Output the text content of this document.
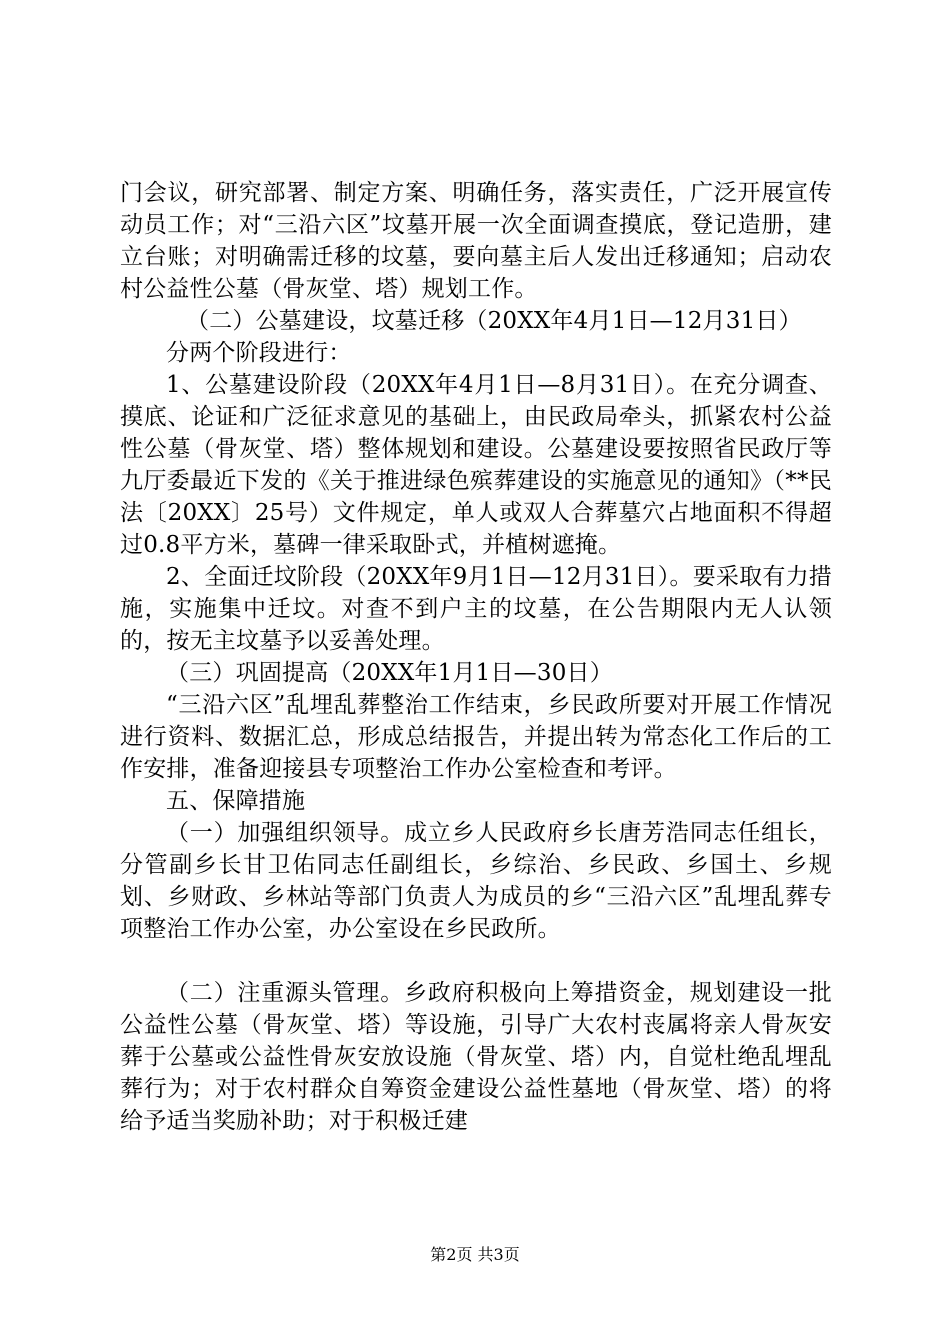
门会议，研究部署、制定方案、明确任务，落实责任，广泛开展宣传动员工作；对“三沿六区”坟墓开展一次全面调查摸底，登记造册，建立台账；对明确需迁移的坟墓，要向墓主后人发出迁移通知；启动农村公益性公墓（骨灰堂、塔）规划工作。

（二）公墓建设，坟墓迁移（20XX年4月1日—12月31日）

分两个阶段进行：

1、公墓建设阶段（20XX年4月1日—8月31日）。在充分调查、摸底、论证和广泛征求意见的基础上，由民政局牵头，抓紧农村公益性公墓（骨灰堂、塔）整体规划和建设。公墓建设要按照省民政厅等九厅委最近下发的《关于推进绿色殡葬建设的实施意见的通知》（**民法〔20XX〕25号）文件规定，单人或双人合葬墓穴占地面积不得超过0.8平方米，墓碑一律采取卧式，并植树遮掩。

2、全面迁坟阶段（20XX年9月1日—12月31日）。要采取有力措施，实施集中迁坟。对查不到户主的坟墓，在公告期限内无人认领的，按无主坟墓予以妥善处理。

（三）巩固提高（20XX年1月1日—30日）

“三沿六区”乱埋乱葬整治工作结束，乡民政所要对开展工作情况进行资料、数据汇总，形成总结报告，并提出转为常态化工作后的工作安排，准备迎接县专项整治工作办公室检查和考评。

五、保障措施

（一）加强组织领导。成立乡人民政府乡长唐芳浩同志任组长，分管副乡长甘卫佑同志任副组长，乡综治、乡民政、乡国土、乡规划、乡财政、乡林站等部门负责人为成员的乡“三沿六区”乱埋乱葬专项整治工作办公室，办公室设在乡民政所。

（二）注重源头管理。乡政府积极向上筹措资金，规划建设一批公益性公墓（骨灰堂、塔）等设施，引导广大农村丧属将亲人骨灰安葬于公墓或公益性骨灰安放设施（骨灰堂、塔）内，自觉杜绝乱埋乱葬行为；对于农村群众自筹资金建设公益性墓地（骨灰堂、塔）的将给予适当奖励补助；对于积极迁建

第2页 共3页
